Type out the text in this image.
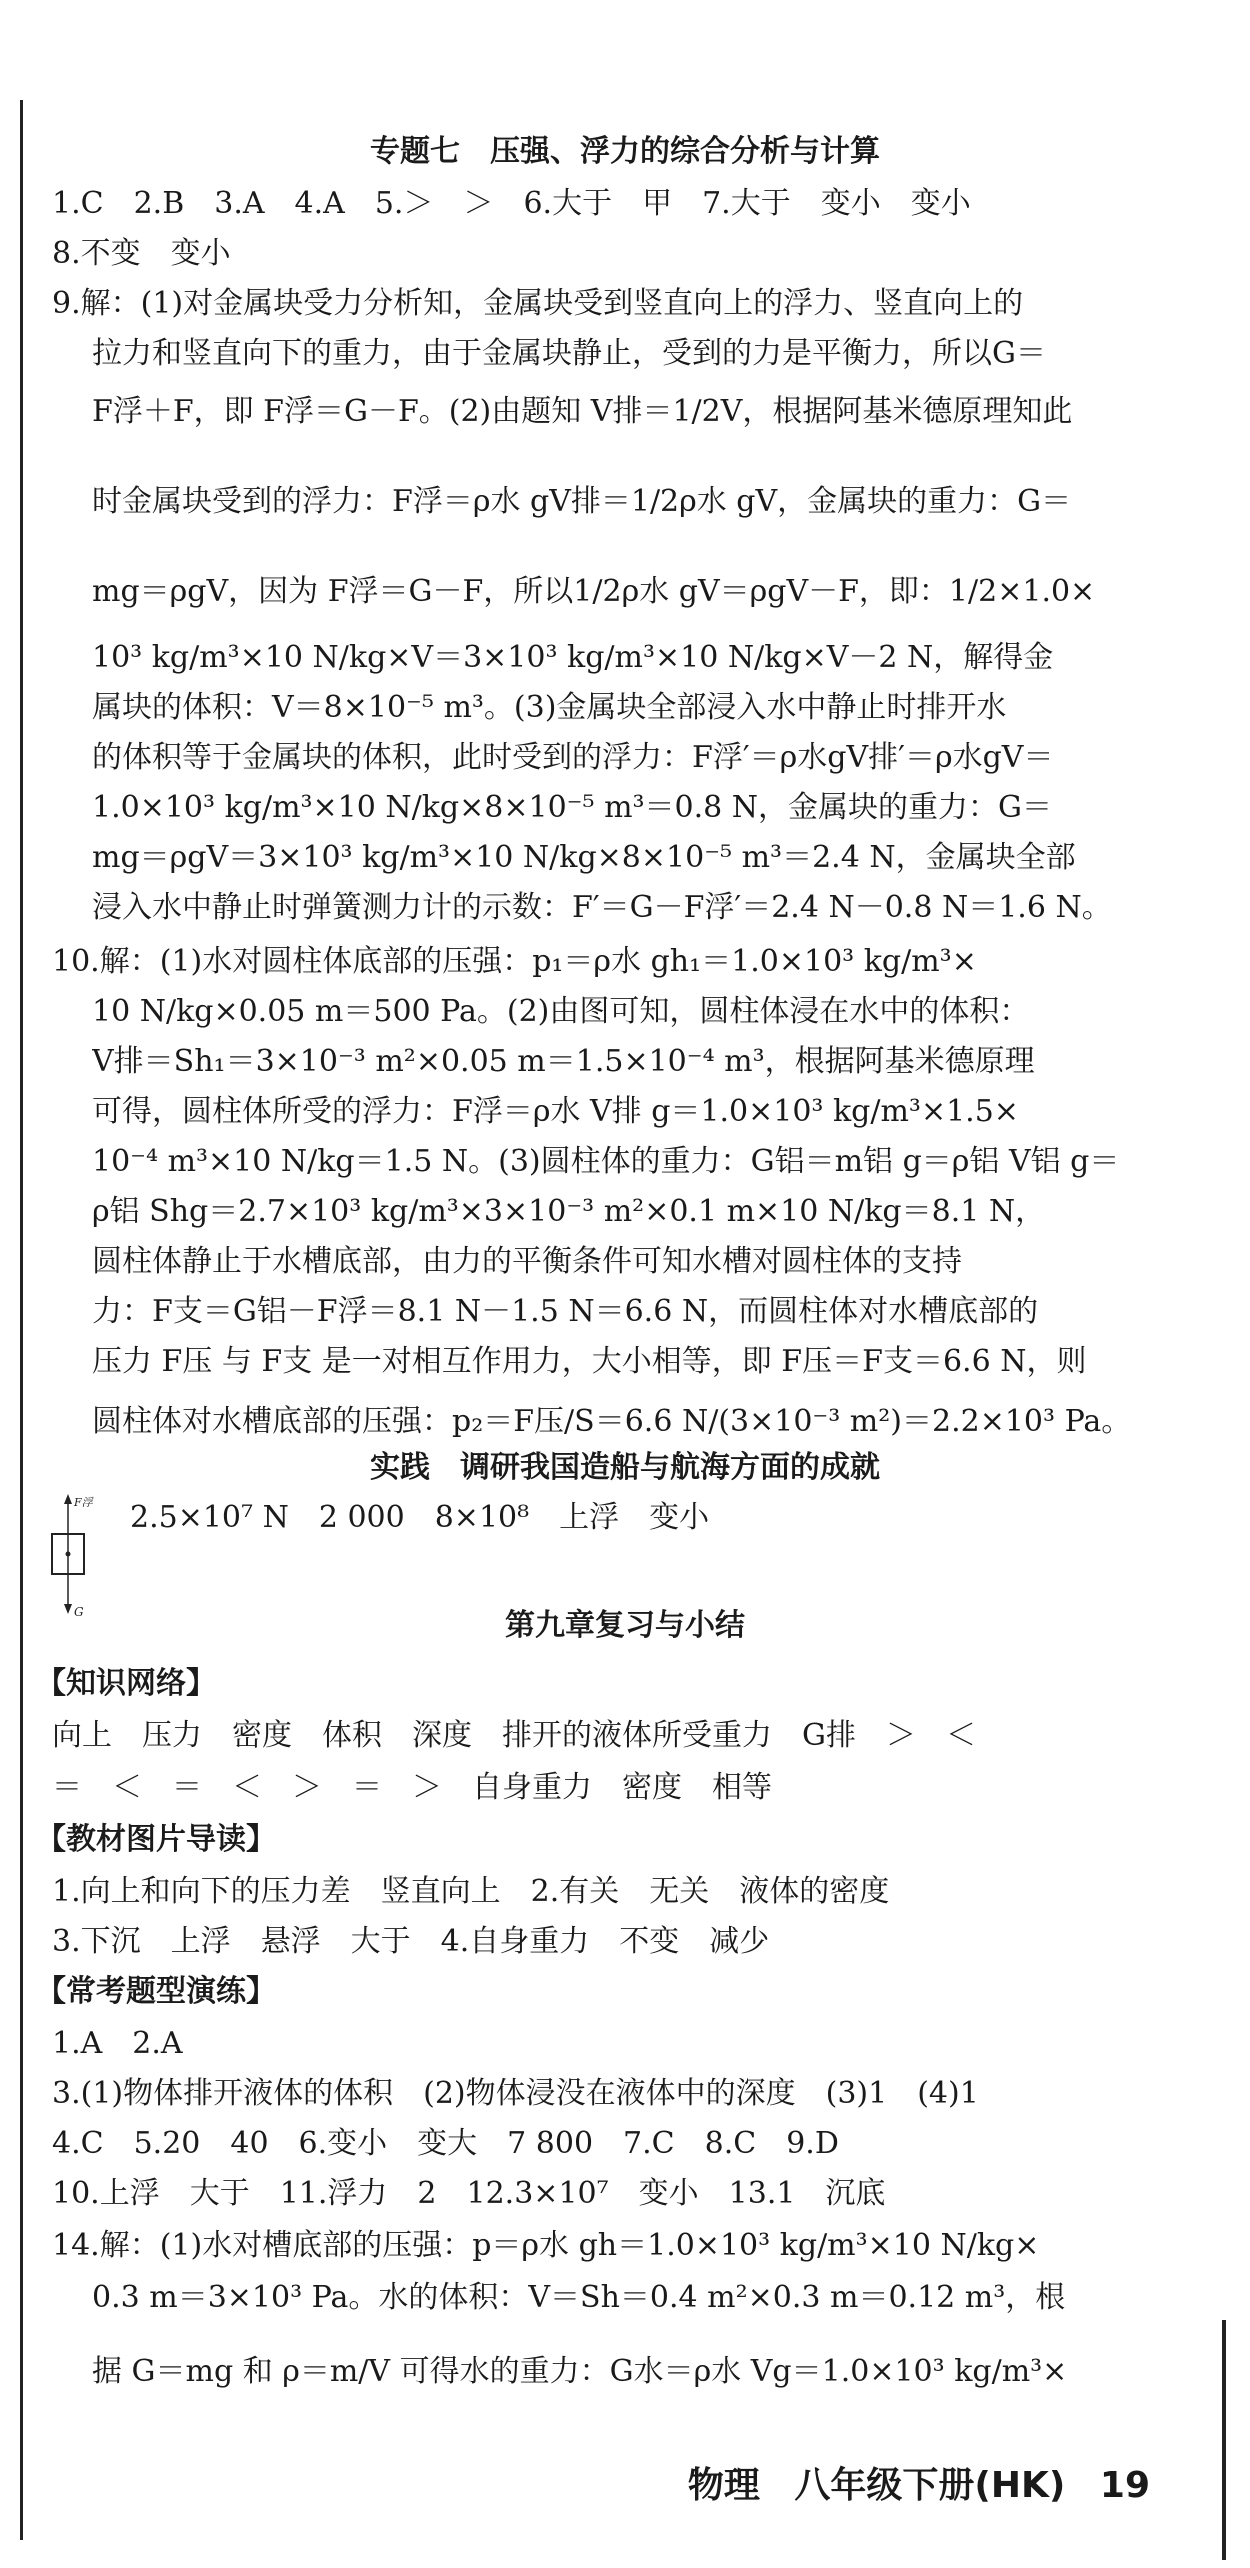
专题七　压强、浮力的综合分析与计算
1.C　2.B　3.A　4.A　5.＞　＞　6.大于　甲　7.大于　变小　变小
8.不变　变小
9.解：(1)对金属块受力分析知，金属块受到竖直向上的浮力、竖直向上的
拉力和竖直向下的重力，由于金属块静止，受到的力是平衡力，所以G＝
F浮＋F，即 F浮＝G－F。(2)由题知 V排＝1/2V，根据阿基米德原理知此
时金属块受到的浮力：F浮＝ρ水 gV排＝1/2ρ水 gV，金属块的重力：G＝
mg＝ρgV，因为 F浮＝G－F，所以1/2ρ水 gV＝ρgV－F，即：1/2×1.0×
10³ kg/m³×10 N/kg×V＝3×10³ kg/m³×10 N/kg×V－2 N，解得金
属块的体积：V＝8×10⁻⁵ m³。(3)金属块全部浸入水中静止时排开水
的体积等于金属块的体积，此时受到的浮力：F浮′＝ρ水gV排′＝ρ水gV＝
1.0×10³ kg/m³×10 N/kg×8×10⁻⁵ m³＝0.8 N，金属块的重力：G＝
mg＝ρgV＝3×10³ kg/m³×10 N/kg×8×10⁻⁵ m³＝2.4 N，金属块全部
浸入水中静止时弹簧测力计的示数：F′＝G－F浮′＝2.4 N－0.8 N＝1.6 N。
10.解：(1)水对圆柱体底部的压强：p₁＝ρ水 gh₁＝1.0×10³ kg/m³×
10 N/kg×0.05 m＝500 Pa。(2)由图可知，圆柱体浸在水中的体积：
V排＝Sh₁＝3×10⁻³ m²×0.05 m＝1.5×10⁻⁴ m³，根据阿基米德原理
可得，圆柱体所受的浮力：F浮＝ρ水 V排 g＝1.0×10³ kg/m³×1.5×
10⁻⁴ m³×10 N/kg＝1.5 N。(3)圆柱体的重力：G铝＝m铝 g＝ρ铝 V铝 g＝
ρ铝 Shg＝2.7×10³ kg/m³×3×10⁻³ m²×0.1 m×10 N/kg＝8.1 N，
圆柱体静止于水槽底部，由力的平衡条件可知水槽对圆柱体的支持
力：F支＝G铝－F浮＝8.1 N－1.5 N＝6.6 N，而圆柱体对水槽底部的
压力 F压 与 F支 是一对相互作用力，大小相等，即 F压＝F支＝6.6 N，则
圆柱体对水槽底部的压强：p₂＝F压/S＝6.6 N/(3×10⁻³ m²)＝2.2×10³ Pa。
实践　调研我国造船与航海方面的成就
F浮
G
2.5×10⁷ N　2 000　8×10⁸　上浮　变小
第九章复习与小结
【知识网络】
向上　压力　密度　体积　深度　排开的液体所受重力　G排　＞　＜
＝　＜　＝　＜　＞　＝　＞　自身重力　密度　相等
【教材图片导读】
1.向上和向下的压力差　竖直向上　2.有关　无关　液体的密度
3.下沉　上浮　悬浮　大于　4.自身重力　不变　减少
【常考题型演练】
1.A　2.A
3.(1)物体排开液体的体积　(2)物体浸没在液体中的深度　(3)1　(4)1
4.C　5.20　40　6.变小　变大　7 800　7.C　8.C　9.D
10.上浮　大于　11.浮力　2　12.3×10⁷　变小　13.1　沉底
14.解：(1)水对槽底部的压强：p＝ρ水 gh＝1.0×10³ kg/m³×10 N/kg×
0.3 m＝3×10³ Pa。水的体积：V＝Sh＝0.4 m²×0.3 m＝0.12 m³，根
据 G＝mg 和 ρ＝m/V 可得水的重力：G水＝ρ水 Vg＝1.0×10³ kg/m³×
物理 八年级下册(HK) 19
